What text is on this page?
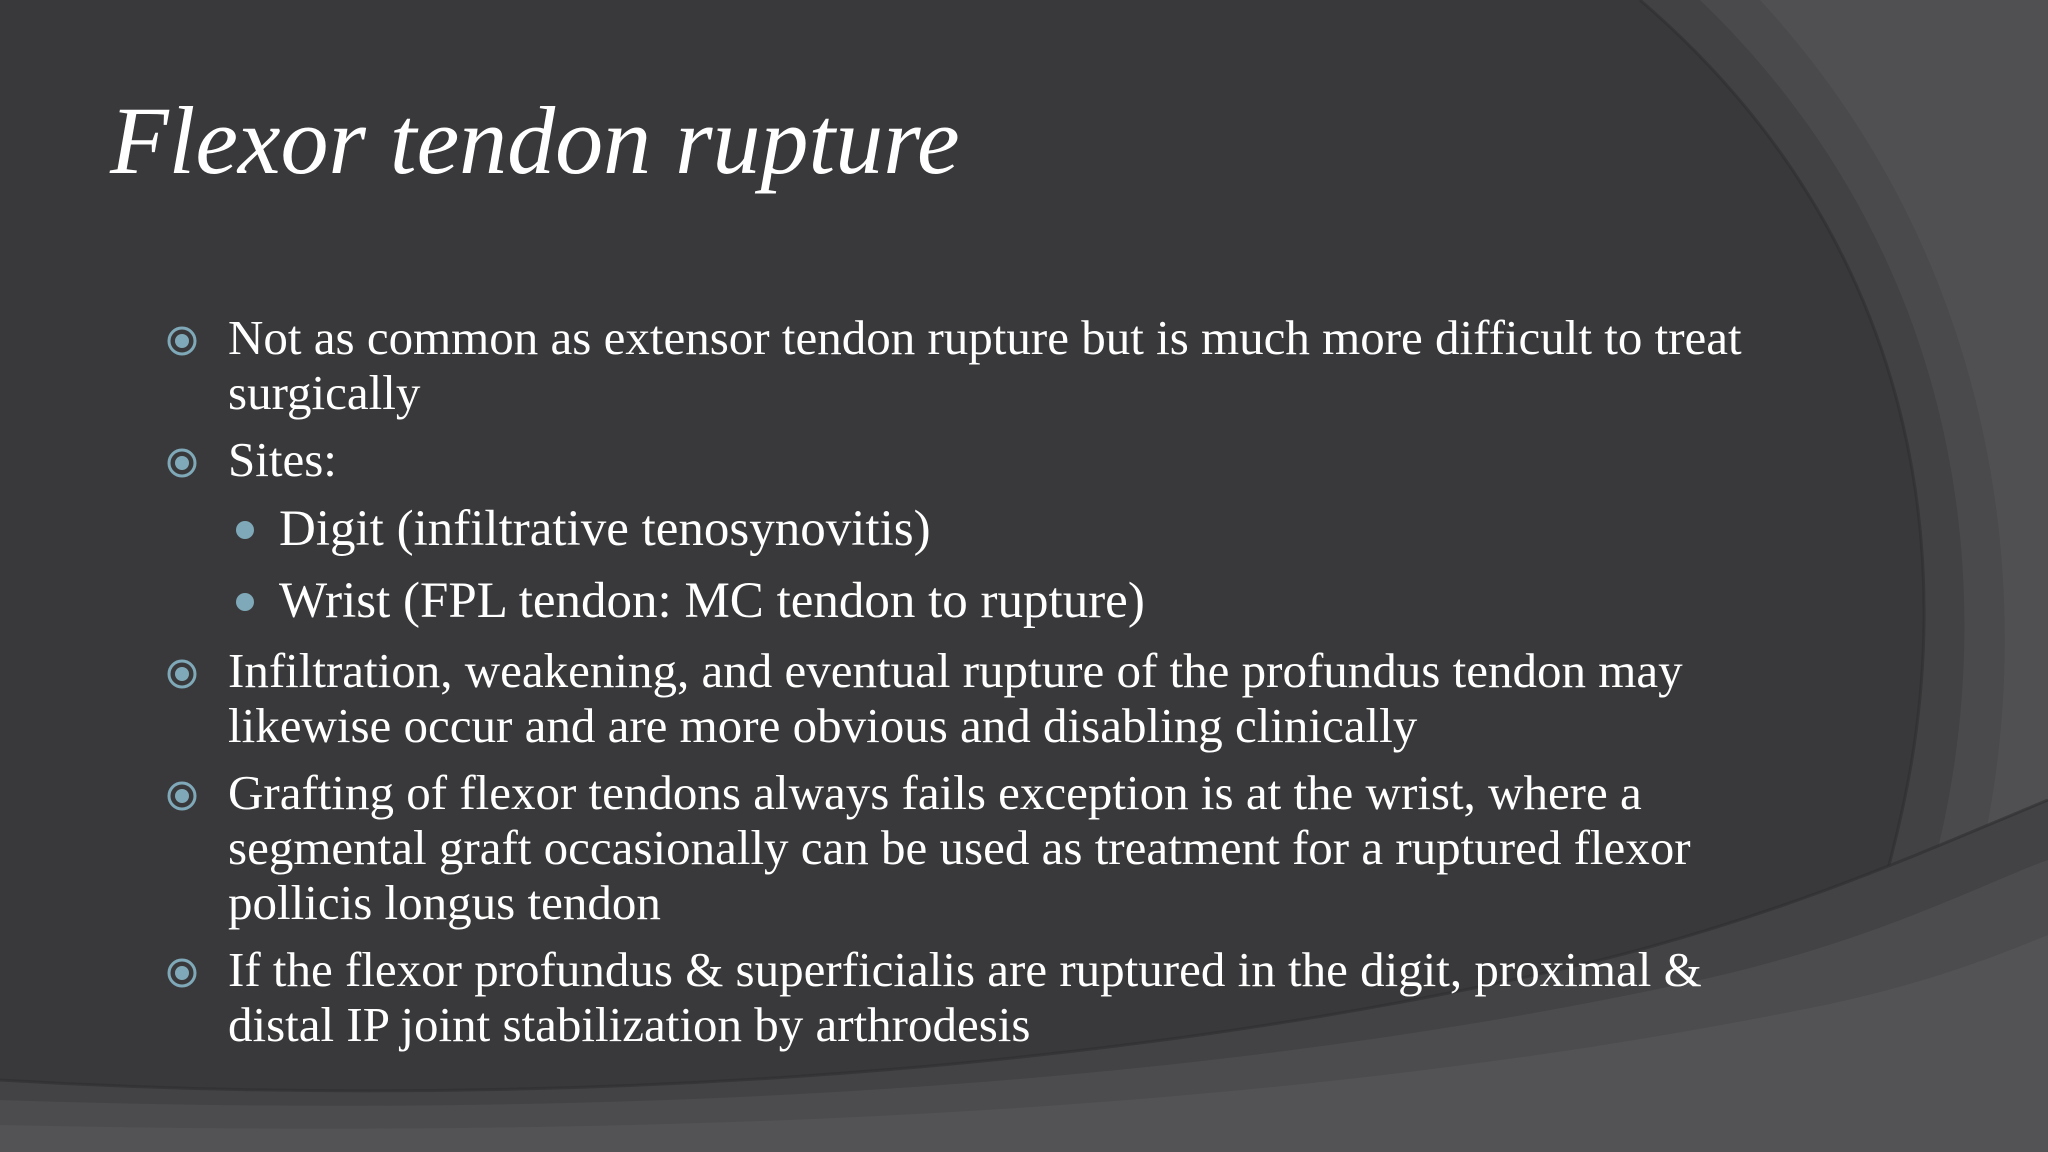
Flexor tendon rupture
Not as common as extensor tendon rupture but is much more difficult to treat surgically
Sites:
Digit (infiltrative tenosynovitis)
Wrist (FPL tendon: MC tendon to rupture)
Infiltration, weakening, and eventual rupture of the profundus tendon may likewise occur and are more obvious and disabling clinically
Grafting of flexor tendons always fails exception is at the wrist, where a segmental graft occasionally can be used as treatment for a ruptured flexor pollicis longus tendon
If the flexor profundus & superficialis are ruptured in the digit, proximal & distal IP joint stabilization by arthrodesis
